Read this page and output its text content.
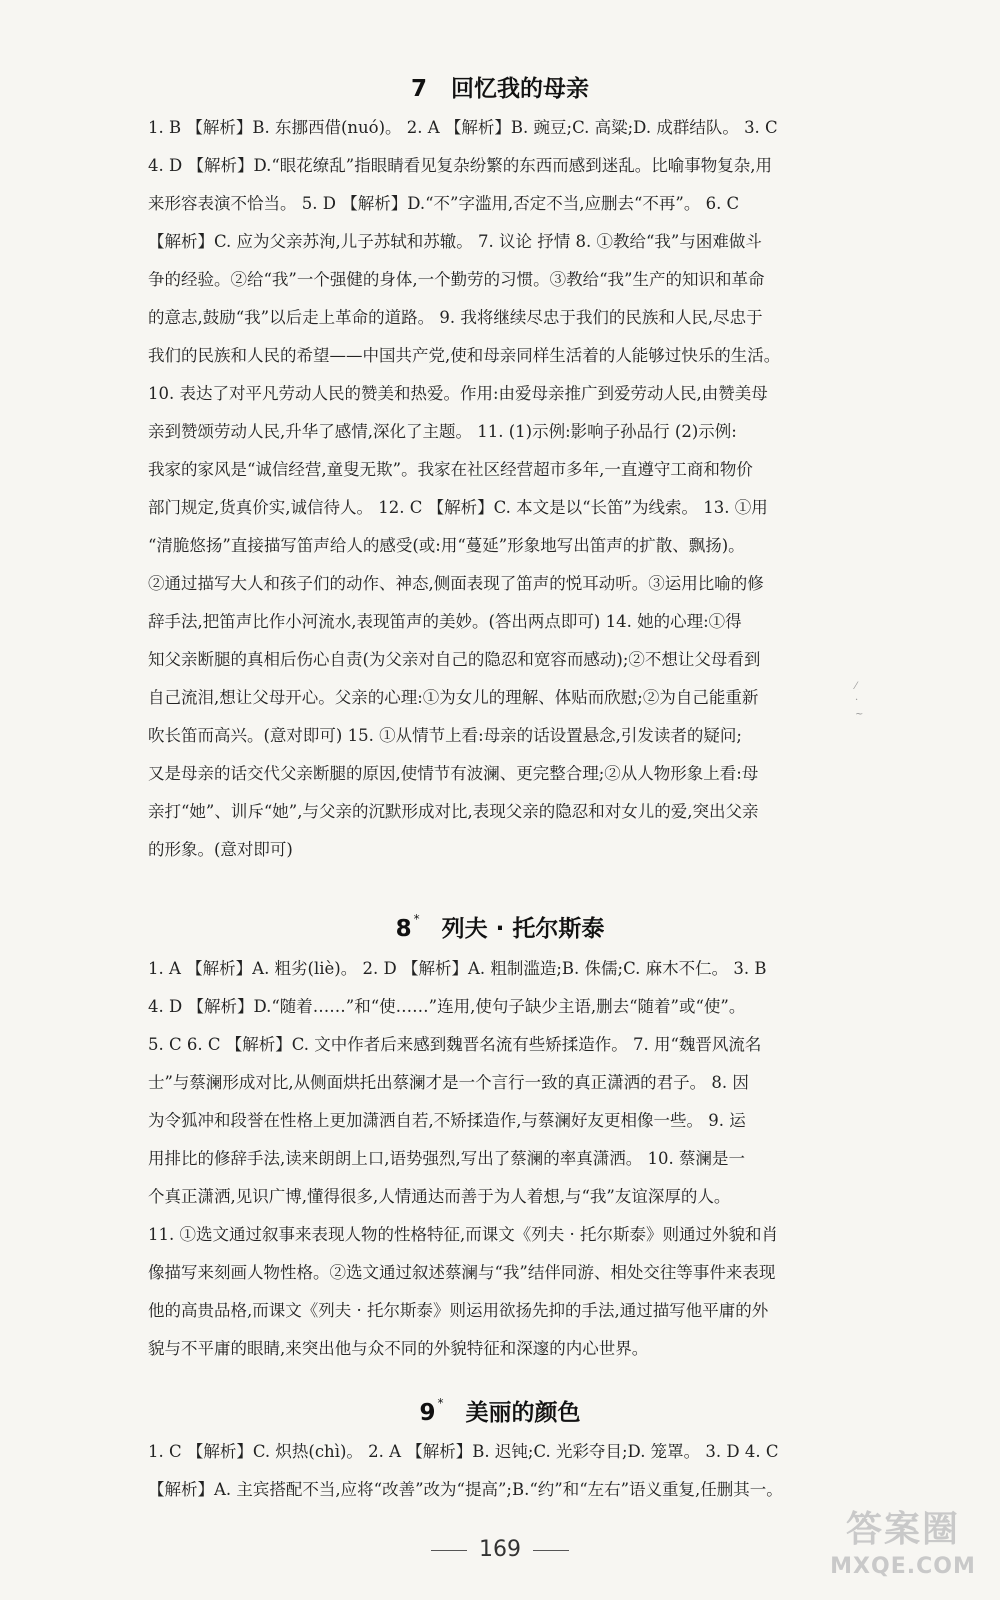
7 回忆我的母亲
1. B 【解析】B. 东挪西借(nuó)。 2. A 【解析】B. 豌豆;C. 高粱;D. 成群结队。 3. C
4. D 【解析】D.“眼花缭乱”指眼睛看见复杂纷繁的东西而感到迷乱。比喻事物复杂,用
来形容表演不恰当。 5. D 【解析】D.“不”字滥用,否定不当,应删去“不再”。 6. C
【解析】C. 应为父亲苏洵,儿子苏轼和苏辙。 7. 议论 抒情 8. ①教给“我”与困难做斗
争的经验。②给“我”一个强健的身体,一个勤劳的习惯。③教给“我”生产的知识和革命
的意志,鼓励“我”以后走上革命的道路。 9. 我将继续尽忠于我们的民族和人民,尽忠于
我们的民族和人民的希望——中国共产党,使和母亲同样生活着的人能够过快乐的生活。
10. 表达了对平凡劳动人民的赞美和热爱。作用:由爱母亲推广到爱劳动人民,由赞美母
亲到赞颂劳动人民,升华了感情,深化了主题。 11. (1)示例:影响子孙品行 (2)示例:
我家的家风是“诚信经营,童叟无欺”。我家在社区经营超市多年,一直遵守工商和物价
部门规定,货真价实,诚信待人。 12. C 【解析】C. 本文是以“长笛”为线索。 13. ①用
“清脆悠扬”直接描写笛声给人的感受(或:用“蔓延”形象地写出笛声的扩散、飘扬)。
②通过描写大人和孩子们的动作、神态,侧面表现了笛声的悦耳动听。③运用比喻的修
辞手法,把笛声比作小河流水,表现笛声的美妙。(答出两点即可) 14. 她的心理:①得
知父亲断腿的真相后伤心自责(为父亲对自己的隐忍和宽容而感动);②不想让父母看到
自己流泪,想让父母开心。父亲的心理:①为女儿的理解、体贴而欣慰;②为自己能重新
吹长笛而高兴。(意对即可) 15. ①从情节上看:母亲的话设置悬念,引发读者的疑问;
又是母亲的话交代父亲断腿的原因,使情节有波澜、更完整合理;②从人物形象上看:母
亲打“她”、训斥“她”,与父亲的沉默形成对比,表现父亲的隐忍和对女儿的爱,突出父亲
的形象。(意对即可)
8 * 列夫 · 托尔斯泰
1. A 【解析】A. 粗劣(liè)。 2. D 【解析】A. 粗制滥造;B. 侏儒;C. 麻木不仁。 3. B
4. D 【解析】D.“随着……”和“使……”连用,使句子缺少主语,删去“随着”或“使”。
5. C 6. C 【解析】C. 文中作者后来感到魏晋名流有些矫揉造作。 7. 用“魏晋风流名
士”与蔡澜形成对比,从侧面烘托出蔡澜才是一个言行一致的真正潇洒的君子。 8. 因
为令狐冲和段誉在性格上更加潇洒自若,不矫揉造作,与蔡澜好友更相像一些。 9. 运
用排比的修辞手法,读来朗朗上口,语势强烈,写出了蔡澜的率真潇洒。 10. 蔡澜是一
个真正潇洒,见识广博,懂得很多,人情通达而善于为人着想,与“我”友谊深厚的人。
11. ①选文通过叙事来表现人物的性格特征,而课文《列夫 · 托尔斯泰》则通过外貌和肖
像描写来刻画人物性格。②选文通过叙述蔡澜与“我”结伴同游、相处交往等事件来表现
他的高贵品格,而课文《列夫 · 托尔斯泰》则运用欲扬先抑的手法,通过描写他平庸的外
貌与不平庸的眼睛,来突出他与众不同的外貌特征和深邃的内心世界。
9 * 美丽的颜色
1. C 【解析】C. 炽热(chì)。 2. A 【解析】B. 迟钝;C. 光彩夺目;D. 笼罩。 3. D 4. C
【解析】A. 主宾搭配不当,应将“改善”改为“提高”;B.“约”和“左右”语义重复,任删其一。
⁄
·
~
169	答案圈
MXQE.COM
